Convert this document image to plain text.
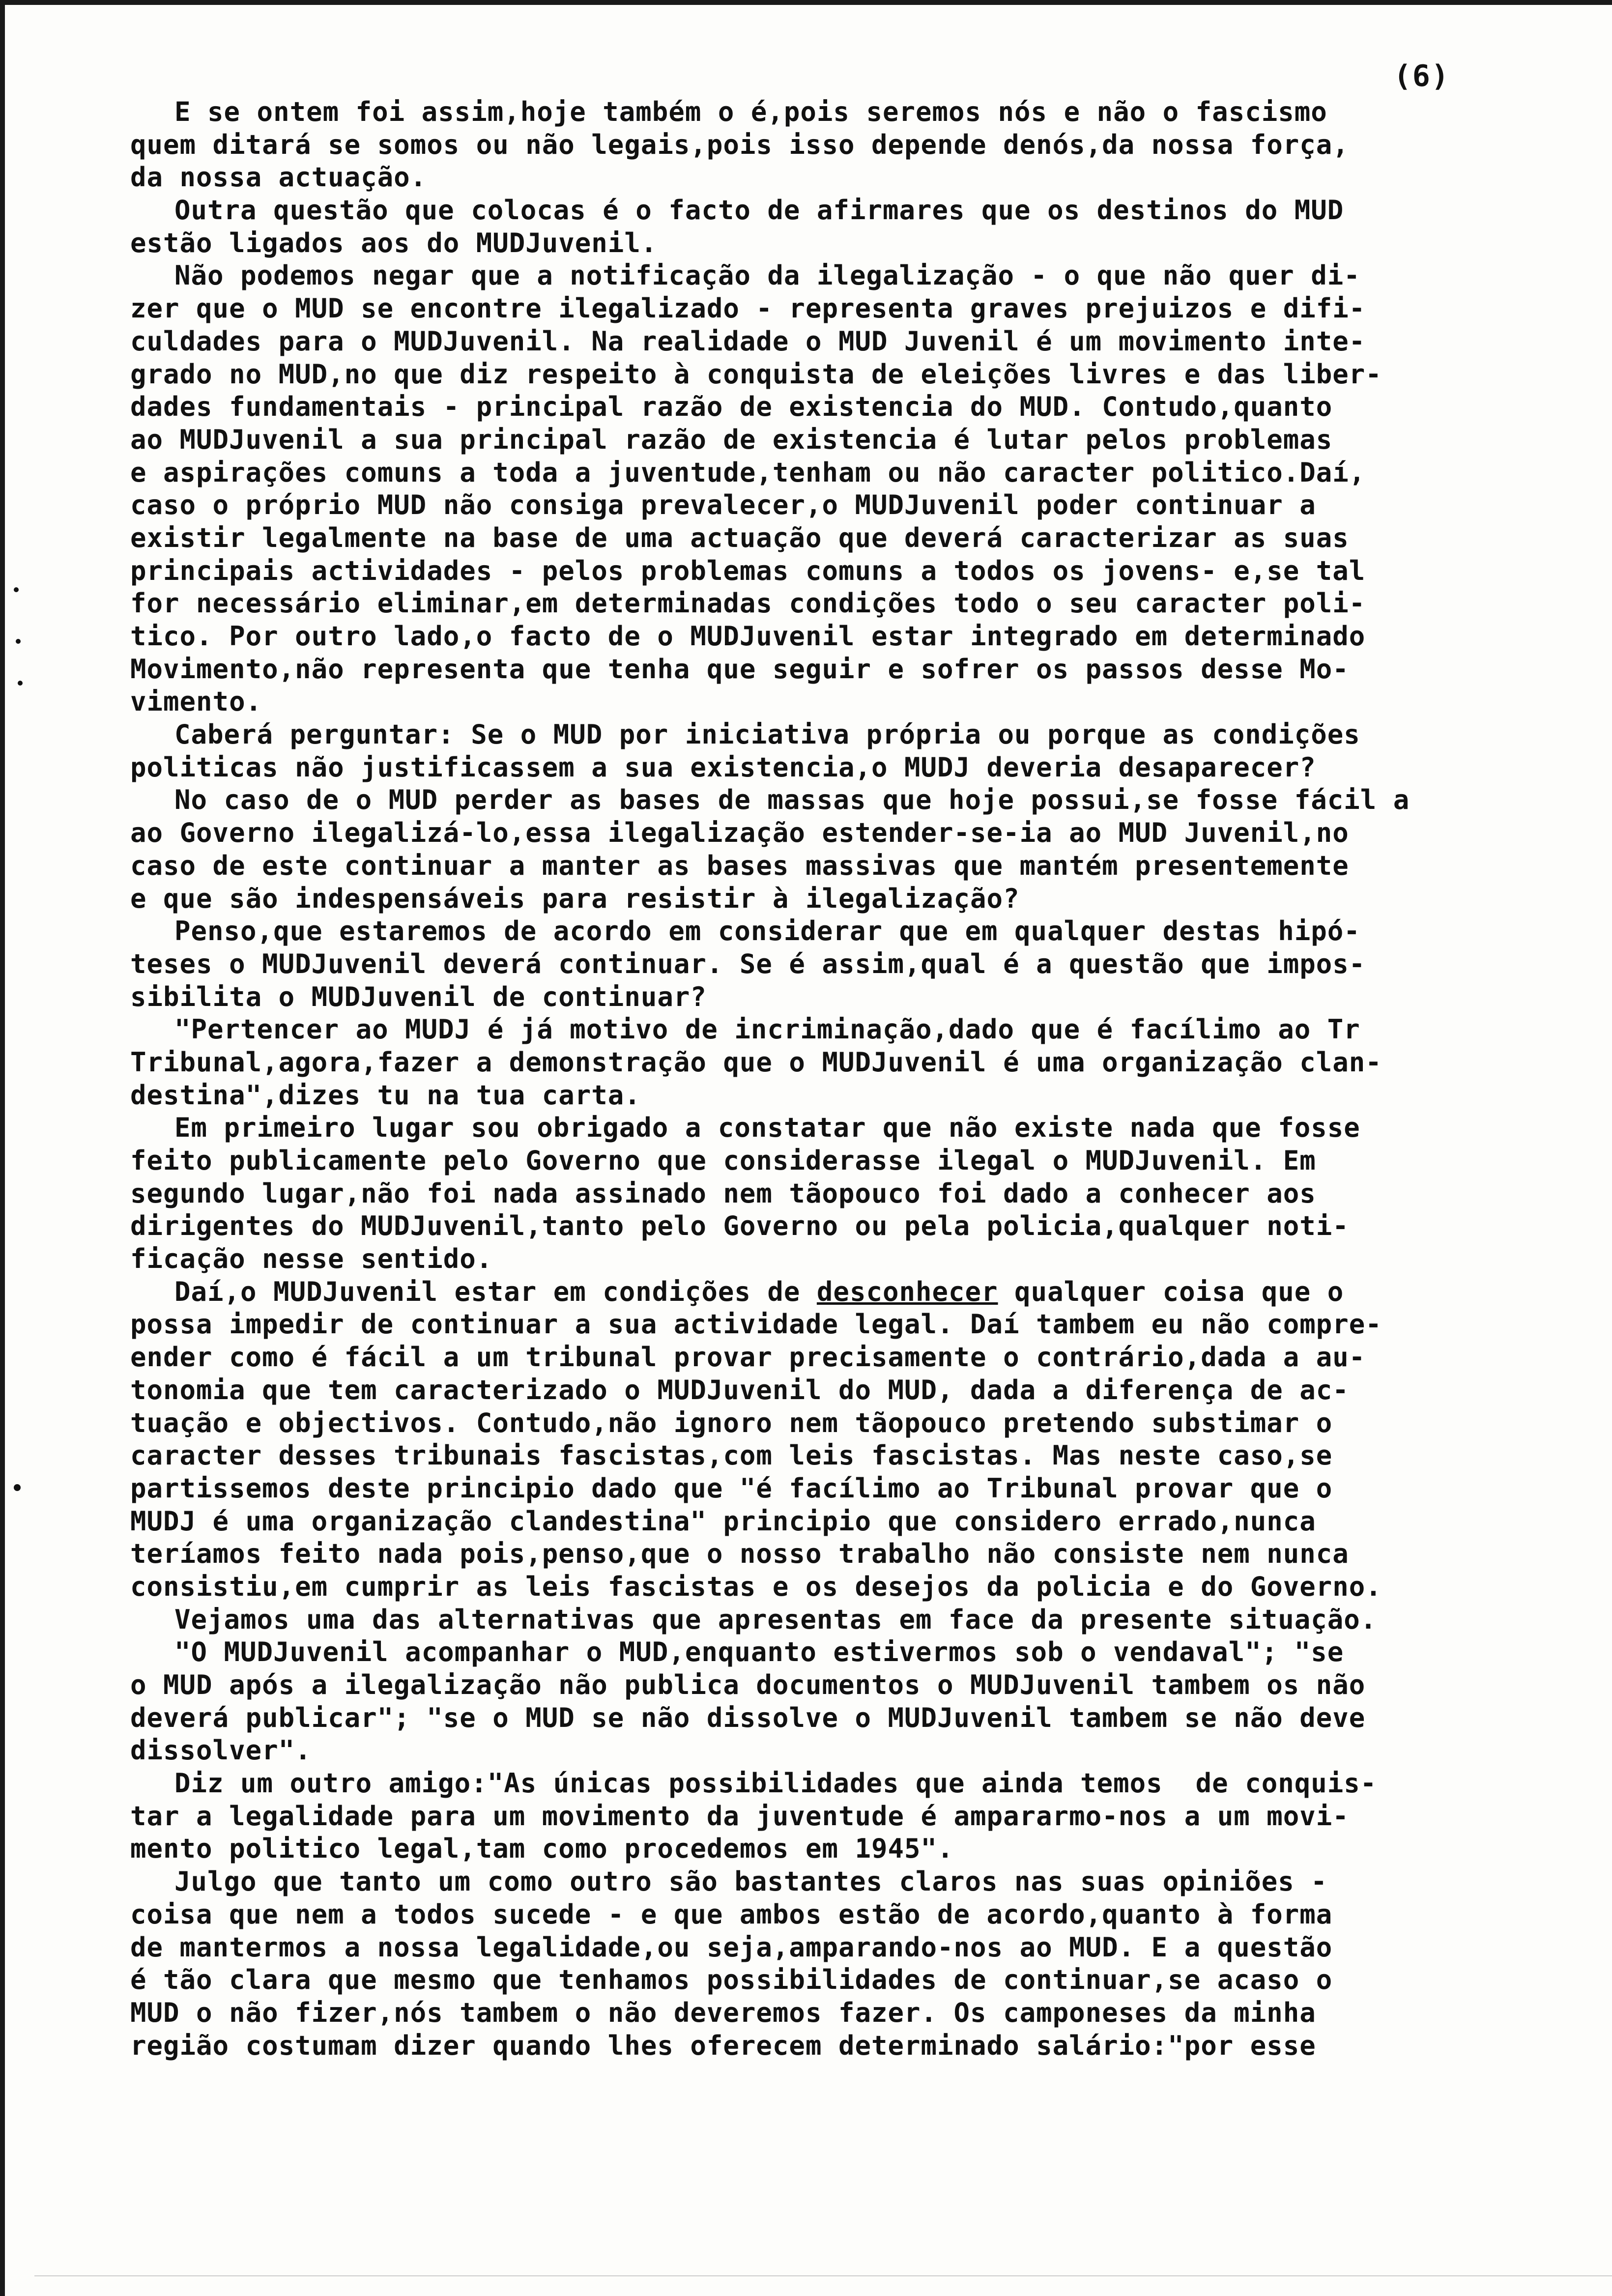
(6)
E se ontem foi assim,hoje também o é,pois seremos nós e não o fascismo
quem ditará se somos ou não legais,pois isso depende denós,da nossa força,
da nossa actuação.
Outra questão que colocas é o facto de afirmares que os destinos do MUD
estão ligados aos do MUDJuvenil.
Não podemos negar que a notificação da ilegalização - o que não quer di-
zer que o MUD se encontre ilegalizado - representa graves prejuizos e difi-
culdades para o MUDJuvenil. Na realidade o MUD Juvenil é um movimento inte-
grado no MUD,no que diz respeito à conquista de eleições livres e das liber-
dades fundamentais - principal razão de existencia do MUD. Contudo,quanto
ao MUDJuvenil a sua principal razão de existencia é lutar pelos problemas
e aspirações comuns a toda a juventude,tenham ou não caracter politico.Daí,
caso o próprio MUD não consiga prevalecer,o MUDJuvenil poder continuar a
existir legalmente na base de uma actuação que deverá caracterizar as suas
principais actividades - pelos problemas comuns a todos os jovens- e,se tal
for necessário eliminar,em determinadas condições todo o seu caracter poli-
tico. Por outro lado,o facto de o MUDJuvenil estar integrado em determinado
Movimento,não representa que tenha que seguir e sofrer os passos desse Mo-
vimento.
Caberá perguntar: Se o MUD por iniciativa própria ou porque as condições
politicas não justificassem a sua existencia,o MUDJ deveria desaparecer?
No caso de o MUD perder as bases de massas que hoje possui,se fosse fácil a
ao Governo ilegalizá-lo,essa ilegalização estender-se-ia ao MUD Juvenil,no
caso de este continuar a manter as bases massivas que mantém presentemente
e que são indespensáveis para resistir à ilegalização?
Penso,que estaremos de acordo em considerar que em qualquer destas hipó-
teses o MUDJuvenil deverá continuar. Se é assim,qual é a questão que impos-
sibilita o MUDJuvenil de continuar?
"Pertencer ao MUDJ é já motivo de incriminação,dado que é facílimo ao Tr
Tribunal,agora,fazer a demonstração que o MUDJuvenil é uma organização clan-
destina",dizes tu na tua carta.
Em primeiro lugar sou obrigado a constatar que não existe nada que fosse
feito publicamente pelo Governo que considerasse ilegal o MUDJuvenil. Em
segundo lugar,não foi nada assinado nem tãopouco foi dado a conhecer aos
dirigentes do MUDJuvenil,tanto pelo Governo ou pela policia,qualquer noti-
ficação nesse sentido.
Daí,o MUDJuvenil estar em condições de desconhecer qualquer coisa que o
possa impedir de continuar a sua actividade legal. Daí tambem eu não compre-
ender como é fácil a um tribunal provar precisamente o contrário,dada a au-
tonomia que tem caracterizado o MUDJuvenil do MUD, dada a diferença de ac-
tuação e objectivos. Contudo,não ignoro nem tãopouco pretendo substimar o
caracter desses tribunais fascistas,com leis fascistas. Mas neste caso,se
partissemos deste principio dado que "é facílimo ao Tribunal provar que o
MUDJ é uma organização clandestina" principio que considero errado,nunca
teríamos feito nada pois,penso,que o nosso trabalho não consiste nem nunca
consistiu,em cumprir as leis fascistas e os desejos da policia e do Governo.
Vejamos uma das alternativas que apresentas em face da presente situação.
"O MUDJuvenil acompanhar o MUD,enquanto estivermos sob o vendaval"; "se
o MUD após a ilegalização não publica documentos o MUDJuvenil tambem os não
deverá publicar"; "se o MUD se não dissolve o MUDJuvenil tambem se não deve
dissolver".
Diz um outro amigo:"As únicas possibilidades que ainda temos  de conquis-
tar a legalidade para um movimento da juventude é ampararmo-nos a um movi-
mento politico legal,tam como procedemos em 1945".
Julgo que tanto um como outro são bastantes claros nas suas opiniões -
coisa que nem a todos sucede - e que ambos estão de acordo,quanto à forma
de mantermos a nossa legalidade,ou seja,amparando-nos ao MUD. E a questão
é tão clara que mesmo que tenhamos possibilidades de continuar,se acaso o
MUD o não fizer,nós tambem o não deveremos fazer. Os camponeses da minha
região costumam dizer quando lhes oferecem determinado salário:"por esse
